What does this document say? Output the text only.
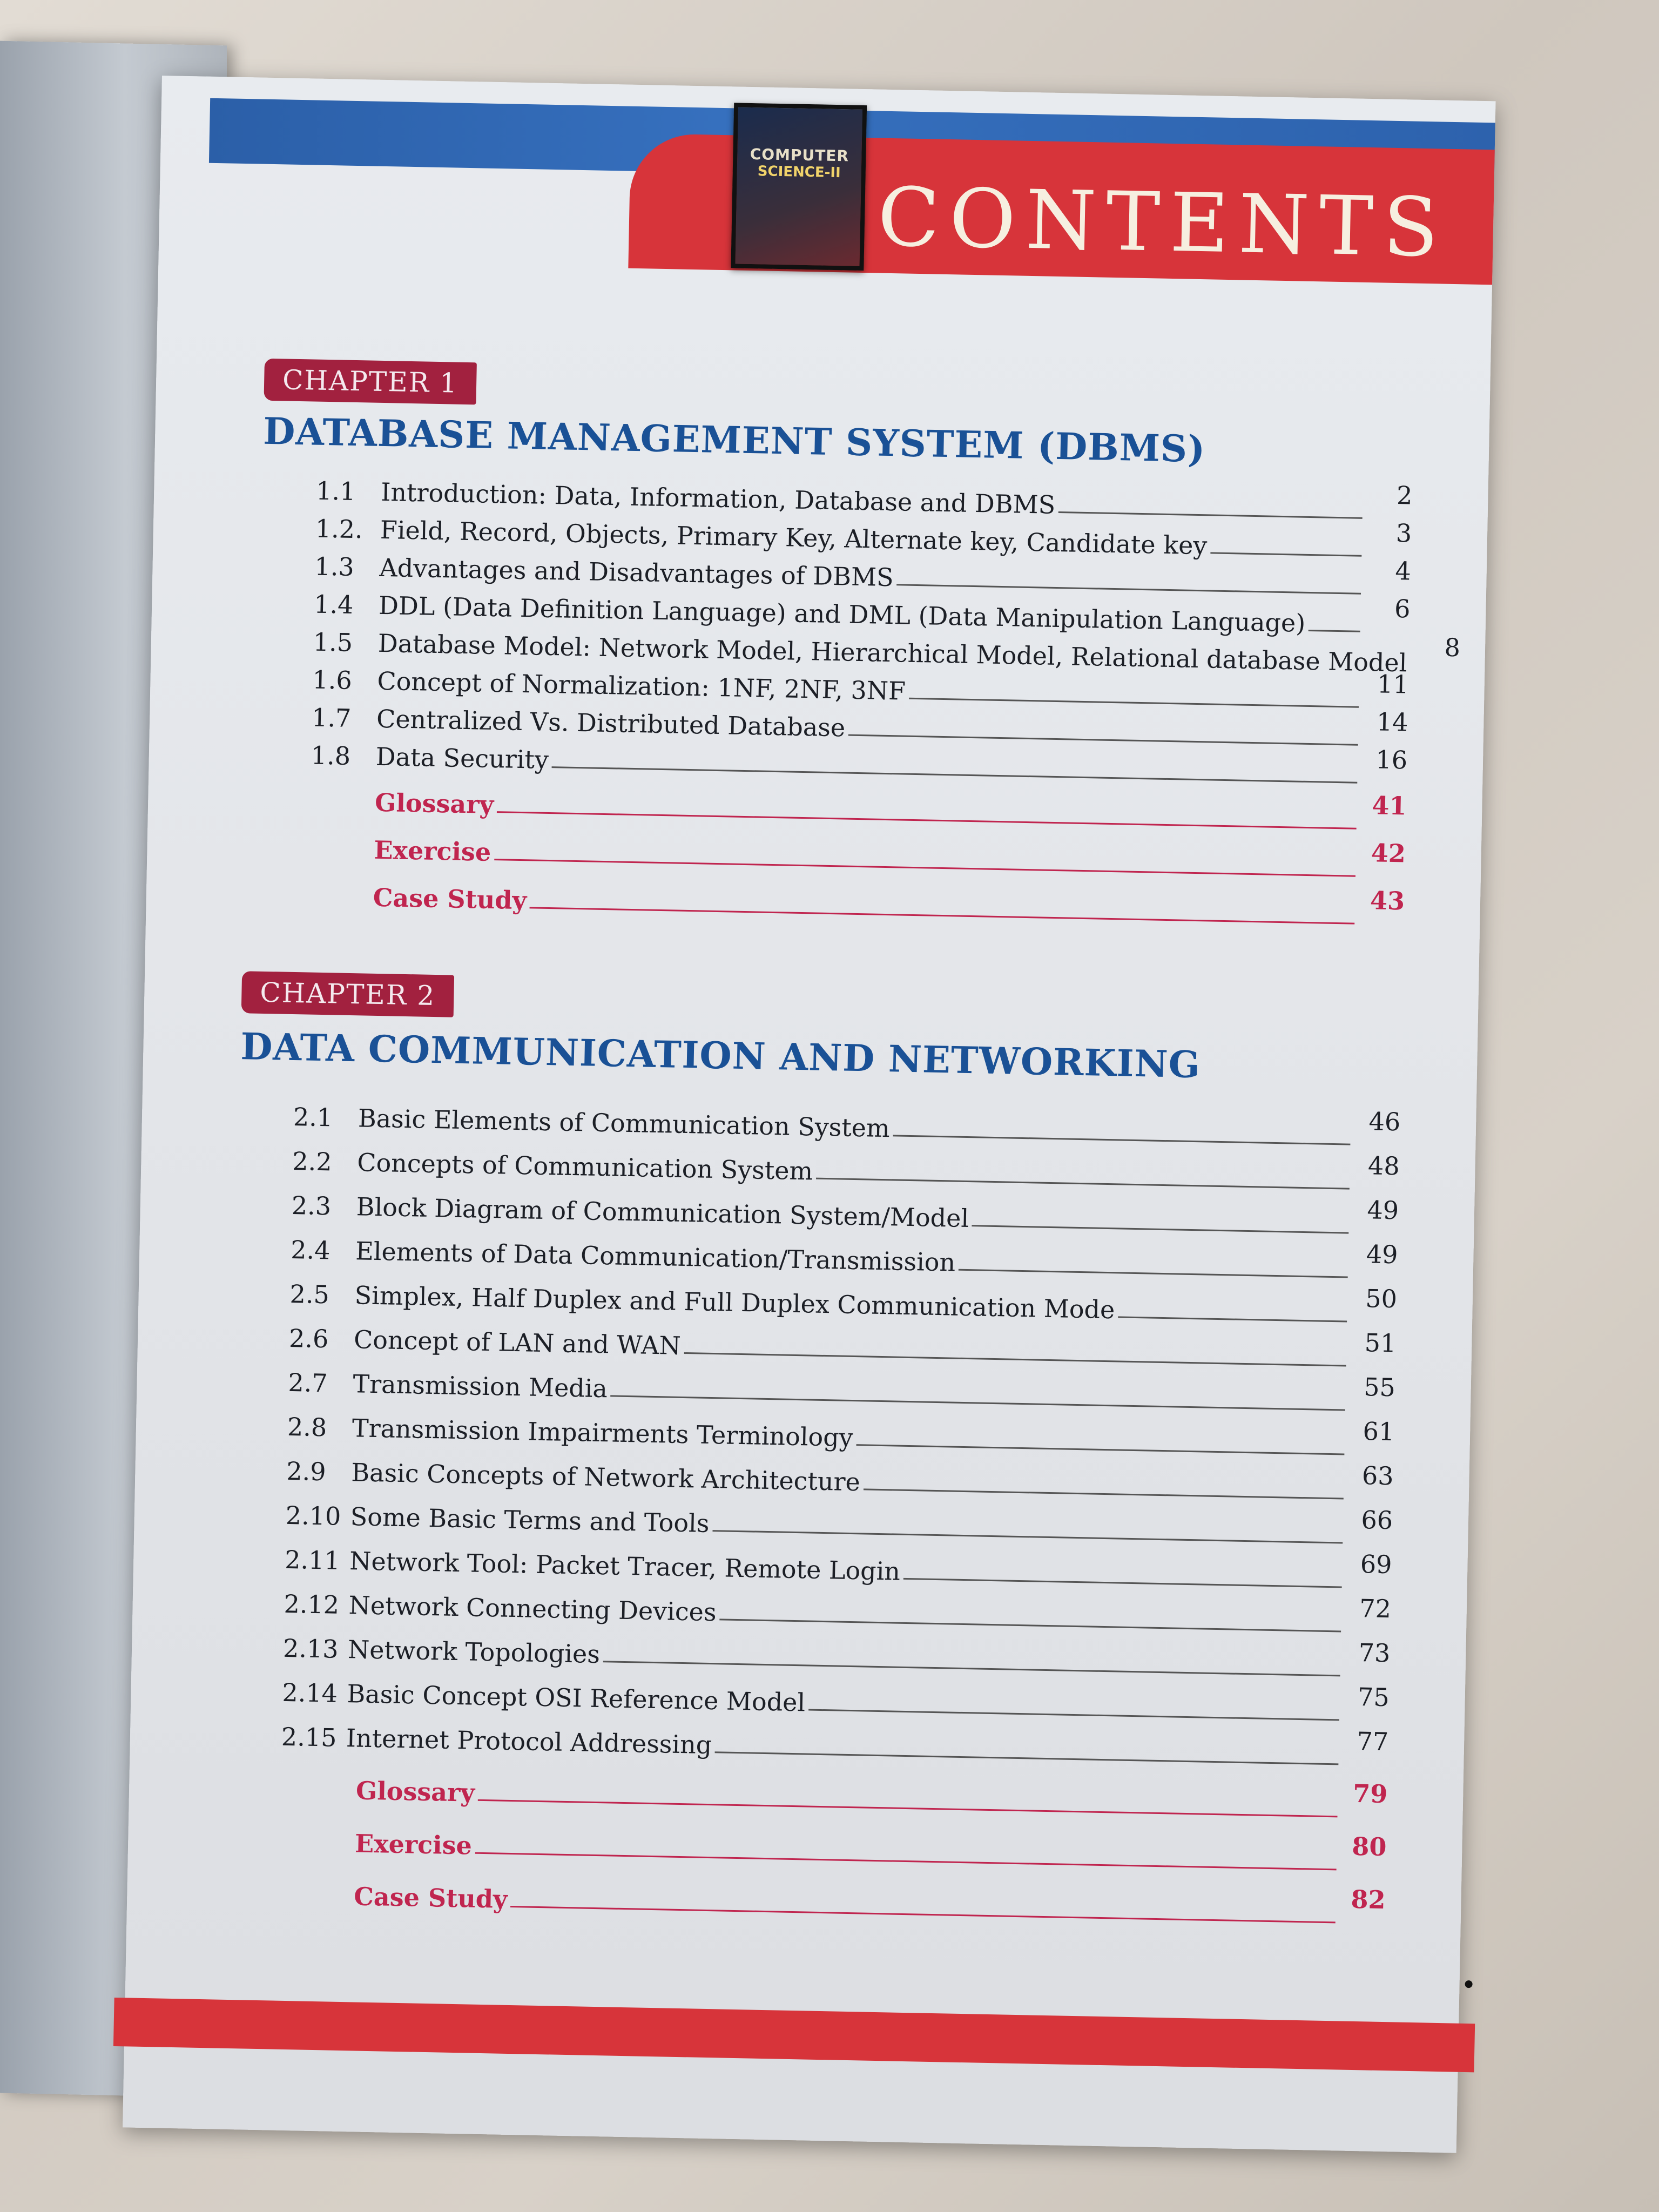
COMPUTER
SCIENCE-II CONTENTS
CHAPTER 1
DATABASE MANAGEMENT SYSTEM (DBMS)
1.1 Introduction: Data, Information, Database and DBMS	2
1.2. Field, Record, Objects, Primary Key, Alternate key, Candidate key	3
1.3 Advantages and Disadvantages of DBMS	4
1.4 DDL (Data Definition Language) and DML (Data Manipulation Language)	6
1.5 Database Model: Network Model, Hierarchical Model, Relational database Model	8
1.6 Concept of Normalization: 1NF, 2NF, 3NF	11
1.7 Centralized Vs. Distributed Database	14
1.8 Data Security	16
Glossary	41
Exercise	42
Case Study	43
CHAPTER 2
DATA COMMUNICATION AND NETWORKING
2.1 Basic Elements of Communication System	46
2.2 Concepts of Communication System	48
2.3 Block Diagram of Communication System/Model	49
2.4 Elements of Data Communication/Transmission	49
2.5 Simplex, Half Duplex and Full Duplex Communication Mode	50
2.6 Concept of LAN and WAN	51
2.7 Transmission Media	55
2.8 Transmission Impairments Terminology	61
2.9 Basic Concepts of Network Architecture	63
2.10 Some Basic Terms and Tools	66
2.11 Network Tool: Packet Tracer, Remote Login	69
2.12 Network Connecting Devices	72
2.13 Network Topologies	73
2.14 Basic Concept OSI Reference Model	75
2.15 Internet Protocol Addressing	77
Glossary	79
Exercise	80
Case Study	82
